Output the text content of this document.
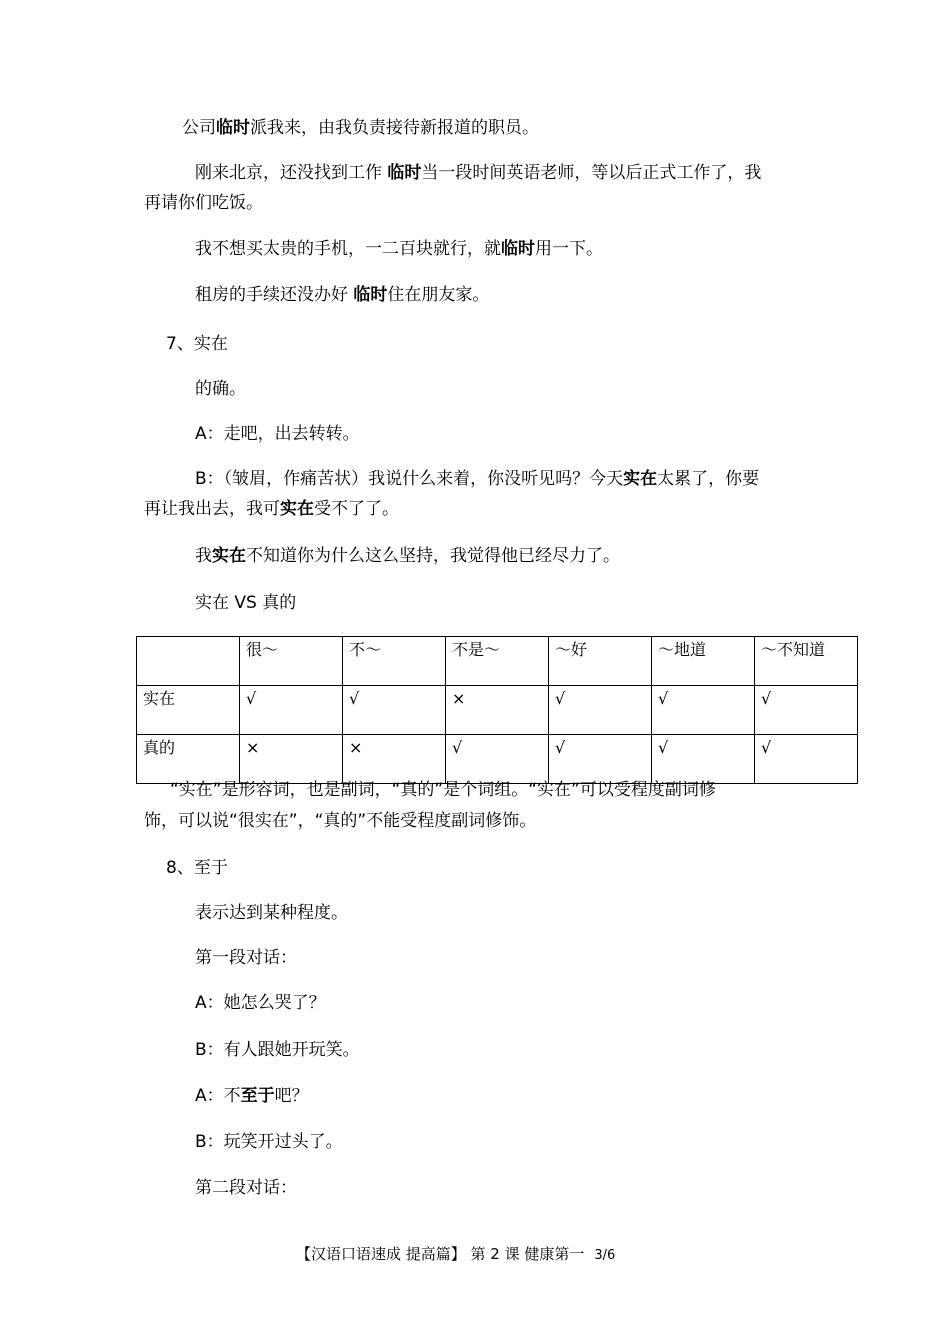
公司临时派我来，由我负责接待新报道的职员。
刚来北京，还没找到工作 临时当一段时间英语老师，等以后正式工作了，我
再请你们吃饭。
我不想买太贵的手机，一二百块就行，就临时用一下。
租房的手续还没办好 临时住在朋友家。
7、实在
的确。
A：走吧，出去转转。
B：（皱眉，作痛苦状）我说什么来着，你没听见吗？今天实在太累了，你要
再让我出去，我可实在受不了了。
我实在不知道你为什么这么坚持，我觉得他已经尽力了。
实在 VS 真的
	很～	不～	不是～	～好	～地道	～不知道
实在	√	√	×	√	√	√
真的	×	×	√	√	√	√
“实在”是形容词，也是副词，“真的”是个词组。“实在”可以受程度副词修
饰，可以说“很实在”，“真的”不能受程度副词修饰。
8、至于
表示达到某种程度。
第一段对话：
A：她怎么哭了？
B：有人跟她开玩笑。
A：不至于吧？
B：玩笑开过头了。
第二段对话：
【汉语口语速成 提高篇】 第 2 课 健康第一 3/6
